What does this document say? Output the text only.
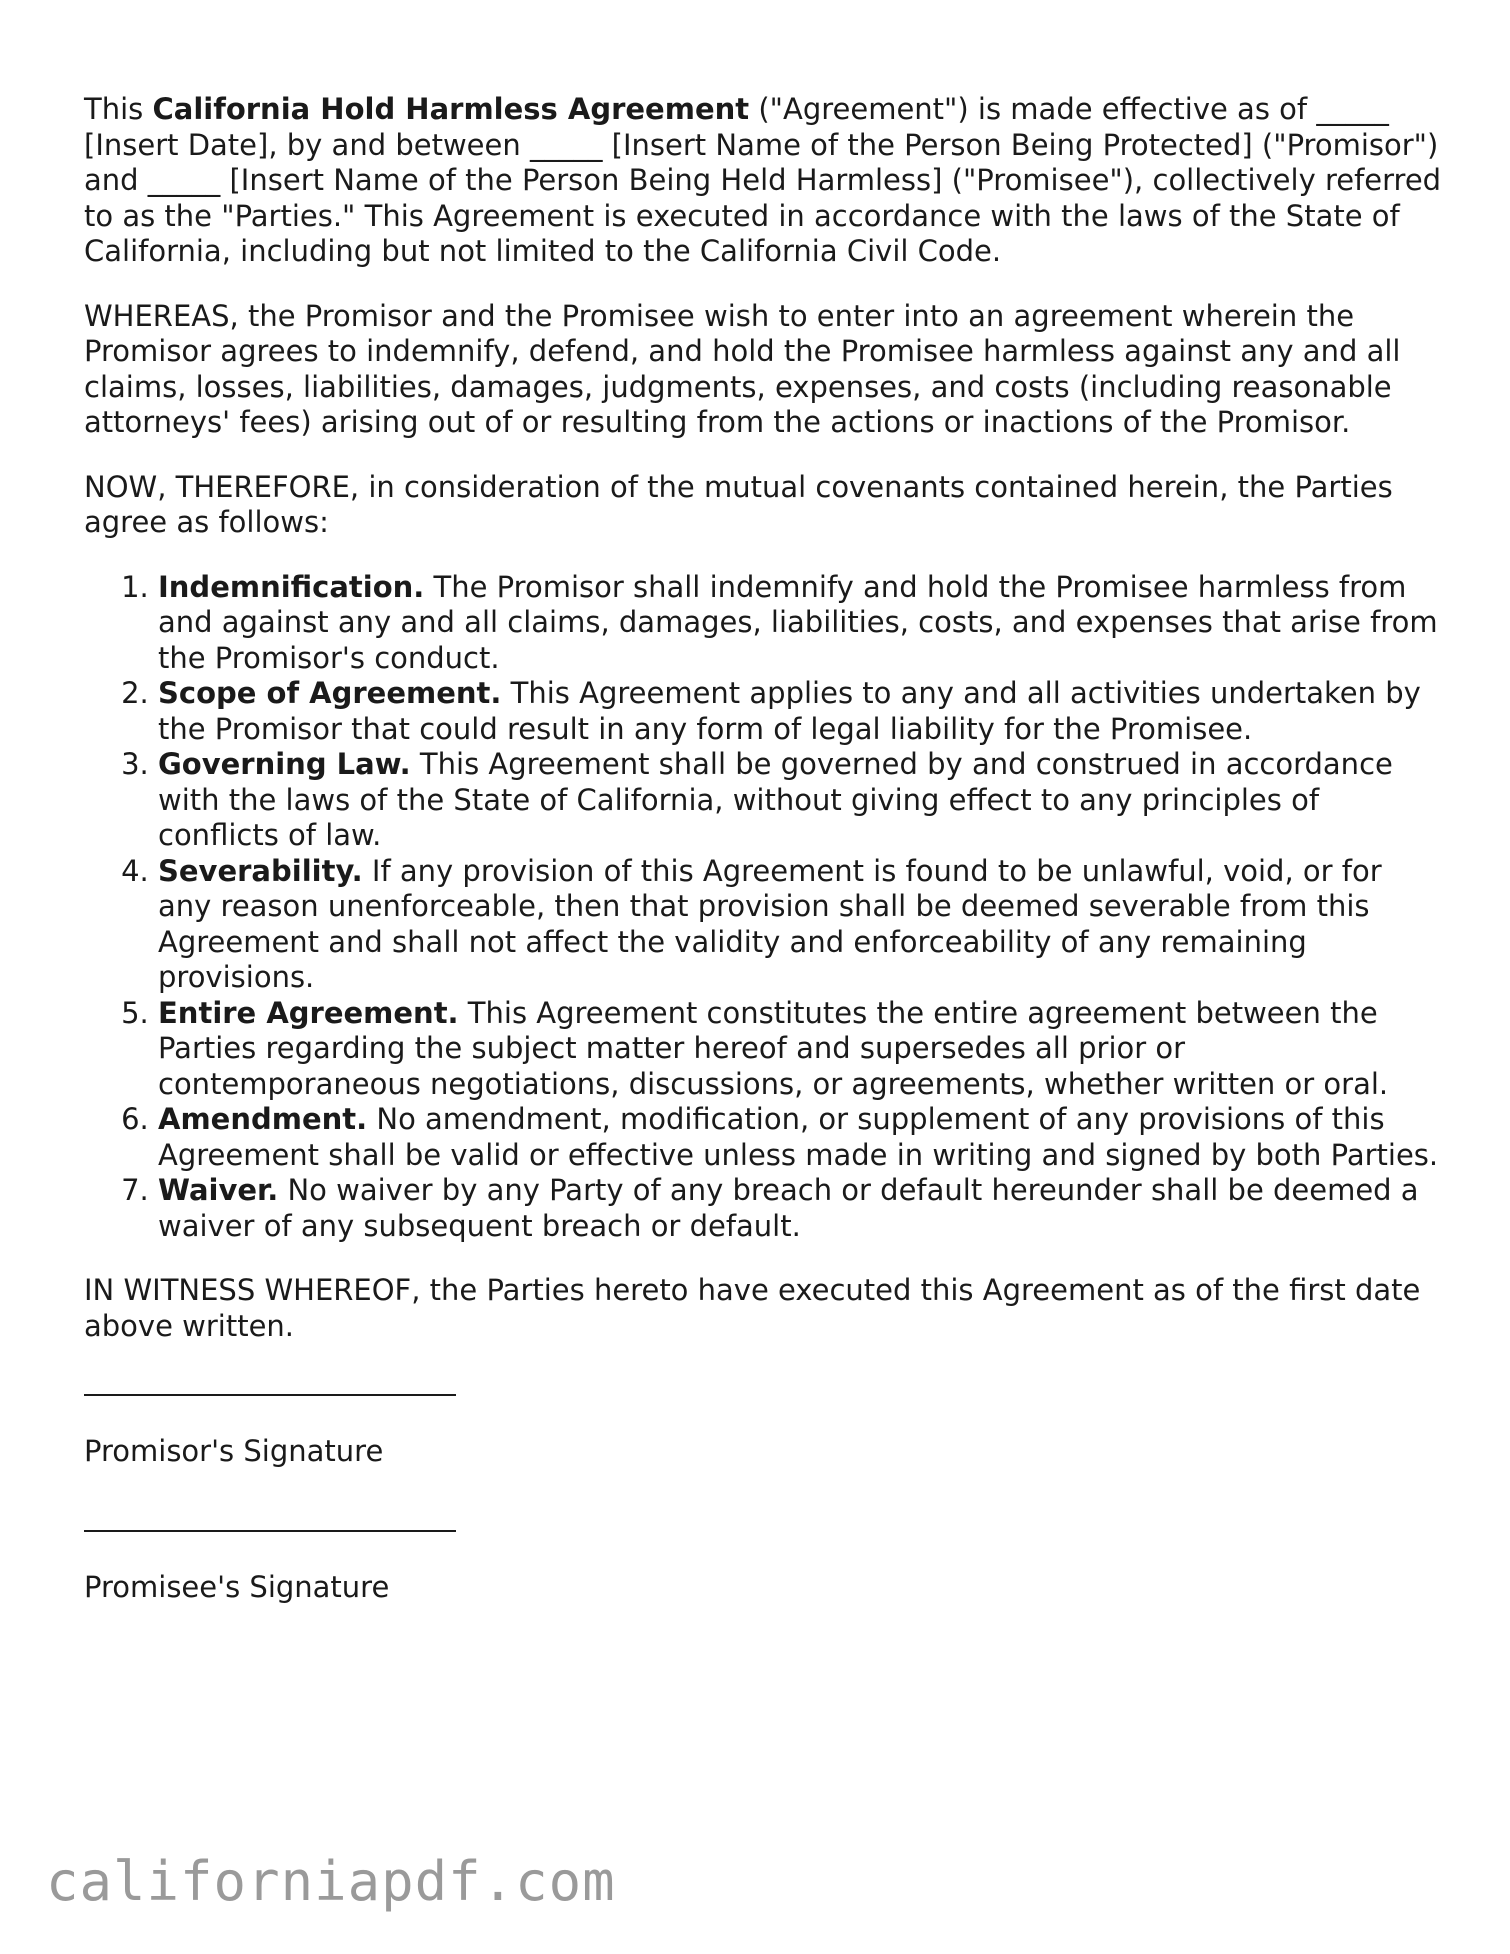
This California Hold Harmless Agreement ("Agreement") is made effective as of _____ [Insert Date], by and between _____ [Insert Name of the Person Being Protected] ("Promisor") and _____ [Insert Name of the Person Being Held Harmless] ("Promisee"), collectively referred to as the "Parties." This Agreement is executed in accordance with the laws of the State of California, including but not limited to the California Civil Code.

WHEREAS, the Promisor and the Promisee wish to enter into an agreement wherein the Promisor agrees to indemnify, defend, and hold the Promisee harmless against any and all claims, losses, liabilities, damages, judgments, expenses, and costs (including reasonable attorneys' fees) arising out of or resulting from the actions or inactions of the Promisor.

NOW, THEREFORE, in consideration of the mutual covenants contained herein, the Parties agree as follows:

1. Indemnification. The Promisor shall indemnify and hold the Promisee harmless from and against any and all claims, damages, liabilities, costs, and expenses that arise from the Promisor's conduct.
2. Scope of Agreement. This Agreement applies to any and all activities undertaken by the Promisor that could result in any form of legal liability for the Promisee.
3. Governing Law. This Agreement shall be governed by and construed in accordance with the laws of the State of California, without giving effect to any principles of conflicts of law.
4. Severability. If any provision of this Agreement is found to be unlawful, void, or for any reason unenforceable, then that provision shall be deemed severable from this Agreement and shall not affect the validity and enforceability of any remaining provisions.
5. Entire Agreement. This Agreement constitutes the entire agreement between the Parties regarding the subject matter hereof and supersedes all prior or contemporaneous negotiations, discussions, or agreements, whether written or oral.
6. Amendment. No amendment, modification, or supplement of any provisions of this Agreement shall be valid or effective unless made in writing and signed by both Parties.
7. Waiver. No waiver by any Party of any breach or default hereunder shall be deemed a waiver of any subsequent breach or default.

IN WITNESS WHEREOF, the Parties hereto have executed this Agreement as of the first date above written.

Promisor's Signature

Promisee's Signature

californiapdf.com
